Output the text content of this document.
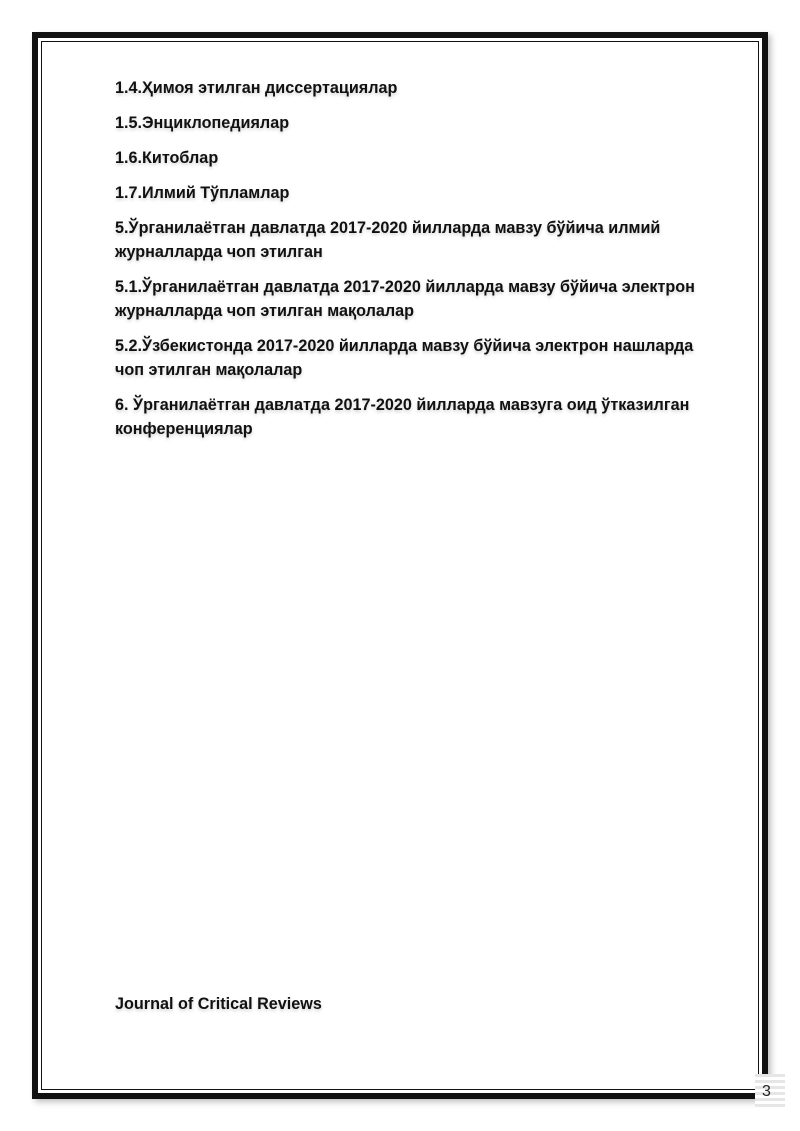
1.4.Ҳимоя этилган диссертациялар

1.5.Энциклопедиялар

1.6.Китоблар

1.7.Илмий Тўпламлар

5.Ўрганилаётган давлатда 2017-2020 йилларда мавзу бўйича илмий журналларда чоп этилган

5.1.Ўрганилаётган давлатда 2017-2020 йилларда мавзу бўйича электрон журналларда чоп этилган мақолалар

5.2.Ўзбекистонда 2017-2020 йилларда мавзу бўйича электрон нашларда чоп этилган мақолалар

6. Ўрганилаётган давлатда 2017-2020 йилларда мавзуга оид ўтказилган конференциялар

Journal of Critical Reviews
3
